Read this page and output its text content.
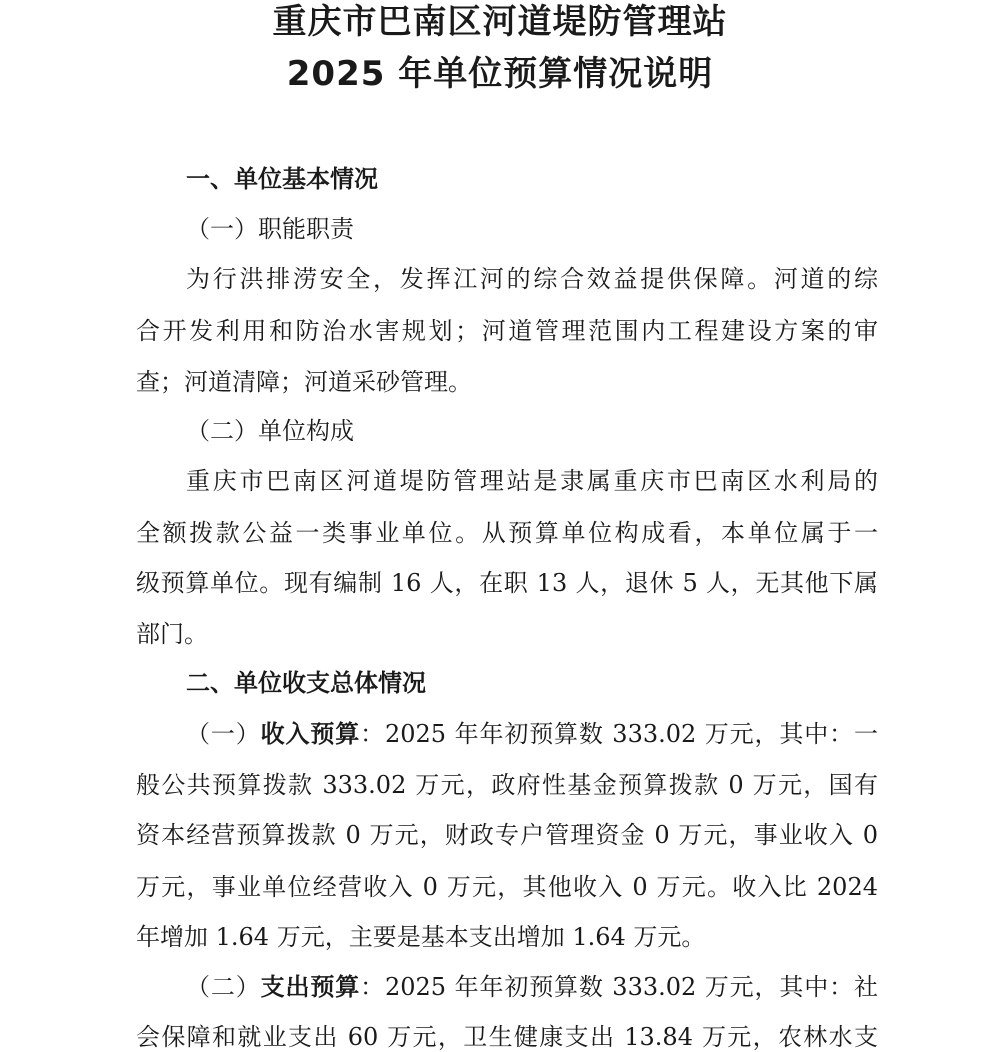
重庆市巴南区河道堤防管理站
2025 年单位预算情况说明
一、单位基本情况
（一）职能职责
为行洪排涝安全，发挥江河的综合效益提供保障。河道的综
合开发利用和防治水害规划；河道管理范围内工程建设方案的审
查；河道清障；河道采砂管理。
（二）单位构成
重庆市巴南区河道堤防管理站是隶属重庆市巴南区水利局的
全额拨款公益一类事业单位。从预算单位构成看，本单位属于一
级预算单位。现有编制 16 人，在职 13 人，退休 5 人，无其他下属
部门。
二、单位收支总体情况
（一）收入预算：2025 年年初预算数 333.02 万元，其中：一
般公共预算拨款 333.02 万元，政府性基金预算拨款 0 万元，国有
资本经营预算拨款 0 万元，财政专户管理资金 0 万元，事业收入 0
万元，事业单位经营收入 0 万元，其他收入 0 万元。收入比 2024
年增加 1.64 万元，主要是基本支出增加 1.64 万元。
（二）支出预算：2025 年年初预算数 333.02 万元，其中：社
会保障和就业支出 60 万元，卫生健康支出 13.84 万元，农林水支
